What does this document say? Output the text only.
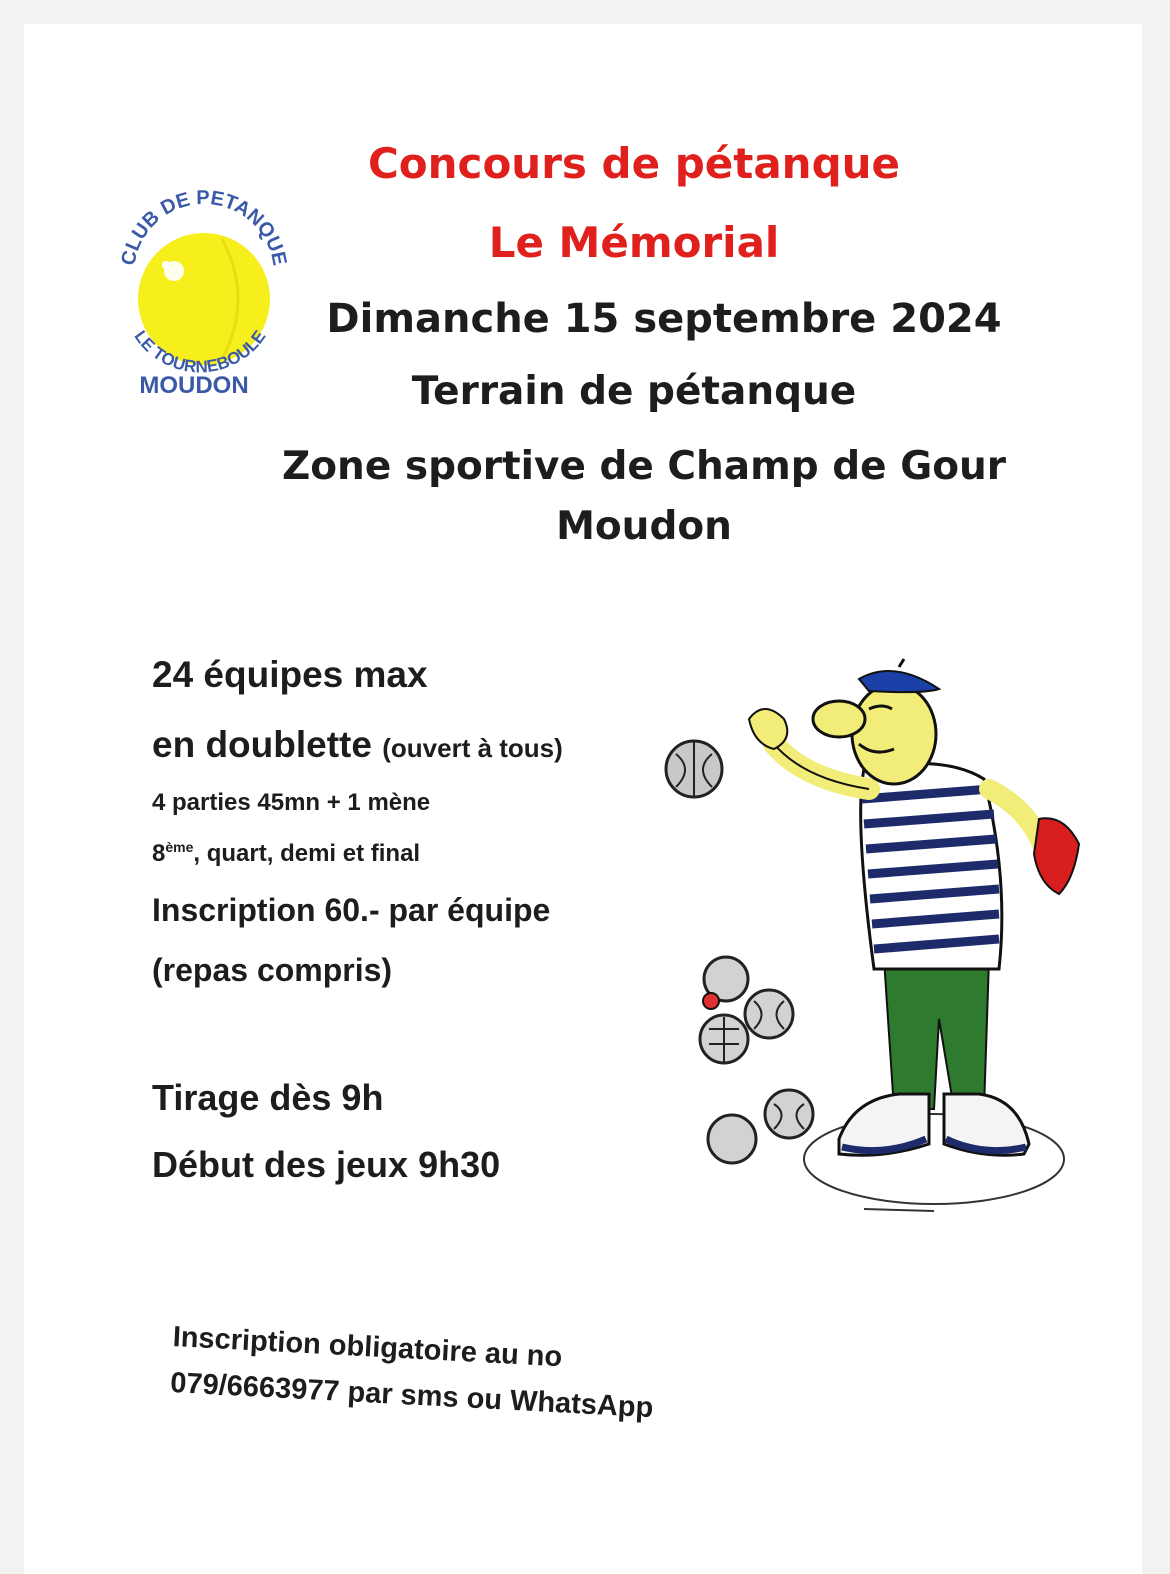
CLUB DE PETANQUE
LE TOURNEBOULE
MOUDON
Concours de pétanque
Le Mémorial
Dimanche 15 septembre 2024
Terrain de pétanque
Zone sportive de Champ de Gour
Moudon
24 équipes max
en doublette (ouvert à tous)
4 parties 45mn + 1 mène
8ème, quart, demi et final
Inscription 60.- par équipe
(repas compris)
Tirage dès 9h
Début des jeux 9h30
Inscription obligatoire au no
079/6663977 par sms ou WhatsApp
